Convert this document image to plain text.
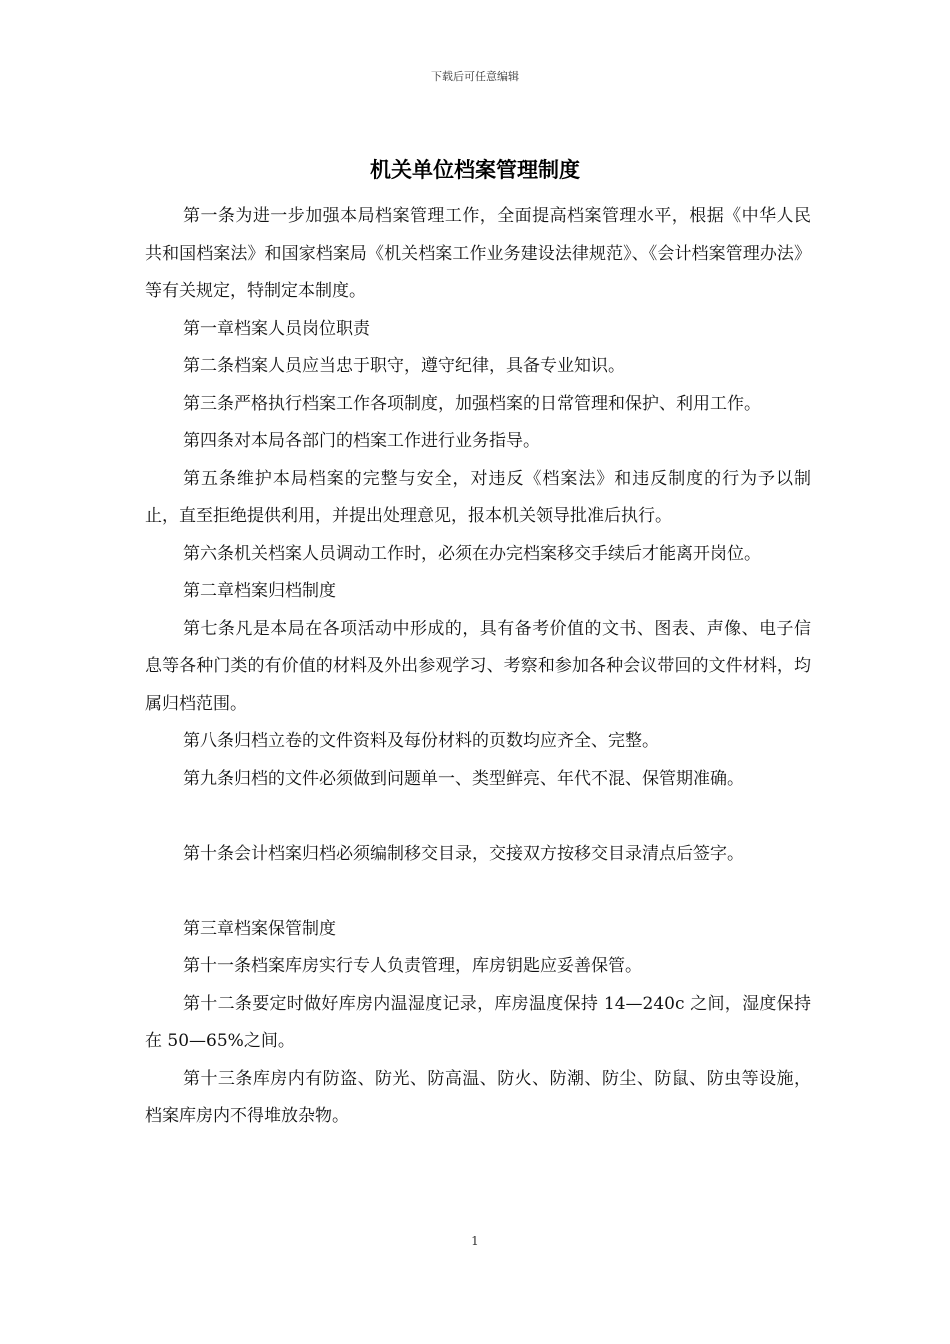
下载后可任意编辑
机关单位档案管理制度

第一条为进一步加强本局档案管理工作，全面提高档案管理水平，根据《中华人民共和国档案法》和国家档案局《机关档案工作业务建设法律规范》、《会计档案管理办法》等有关规定，特制定本制度。

第一章档案人员岗位职责

第二条档案人员应当忠于职守，遵守纪律，具备专业知识。

第三条严格执行档案工作各项制度，加强档案的日常管理和保护、利用工作。

第四条对本局各部门的档案工作进行业务指导。

第五条维护本局档案的完整与安全，对违反《档案法》和违反制度的行为予以制止，直至拒绝提供利用，并提出处理意见，报本机关领导批准后执行。

第六条机关档案人员调动工作时，必须在办完档案移交手续后才能离开岗位。

第二章档案归档制度

第七条凡是本局在各项活动中形成的，具有备考价值的文书、图表、声像、电子信息等各种门类的有价值的材料及外出参观学习、考察和参加各种会议带回的文件材料，均属归档范围。

第八条归档立卷的文件资料及每份材料的页数均应齐全、完整。

第九条归档的文件必须做到问题单一、类型鲜亮、年代不混、保管期准确。

第十条会计档案归档必须编制移交目录，交接双方按移交目录清点后签字。

第三章档案保管制度

第十一条档案库房实行专人负责管理，库房钥匙应妥善保管。

第十二条要定时做好库房内温湿度记录，库房温度保持 14—240c 之间，湿度保持在 50—65%之间。

第十三条库房内有防盗、防光、防高温、防火、防潮、防尘、防鼠、防虫等设施，档案库房内不得堆放杂物。

1
